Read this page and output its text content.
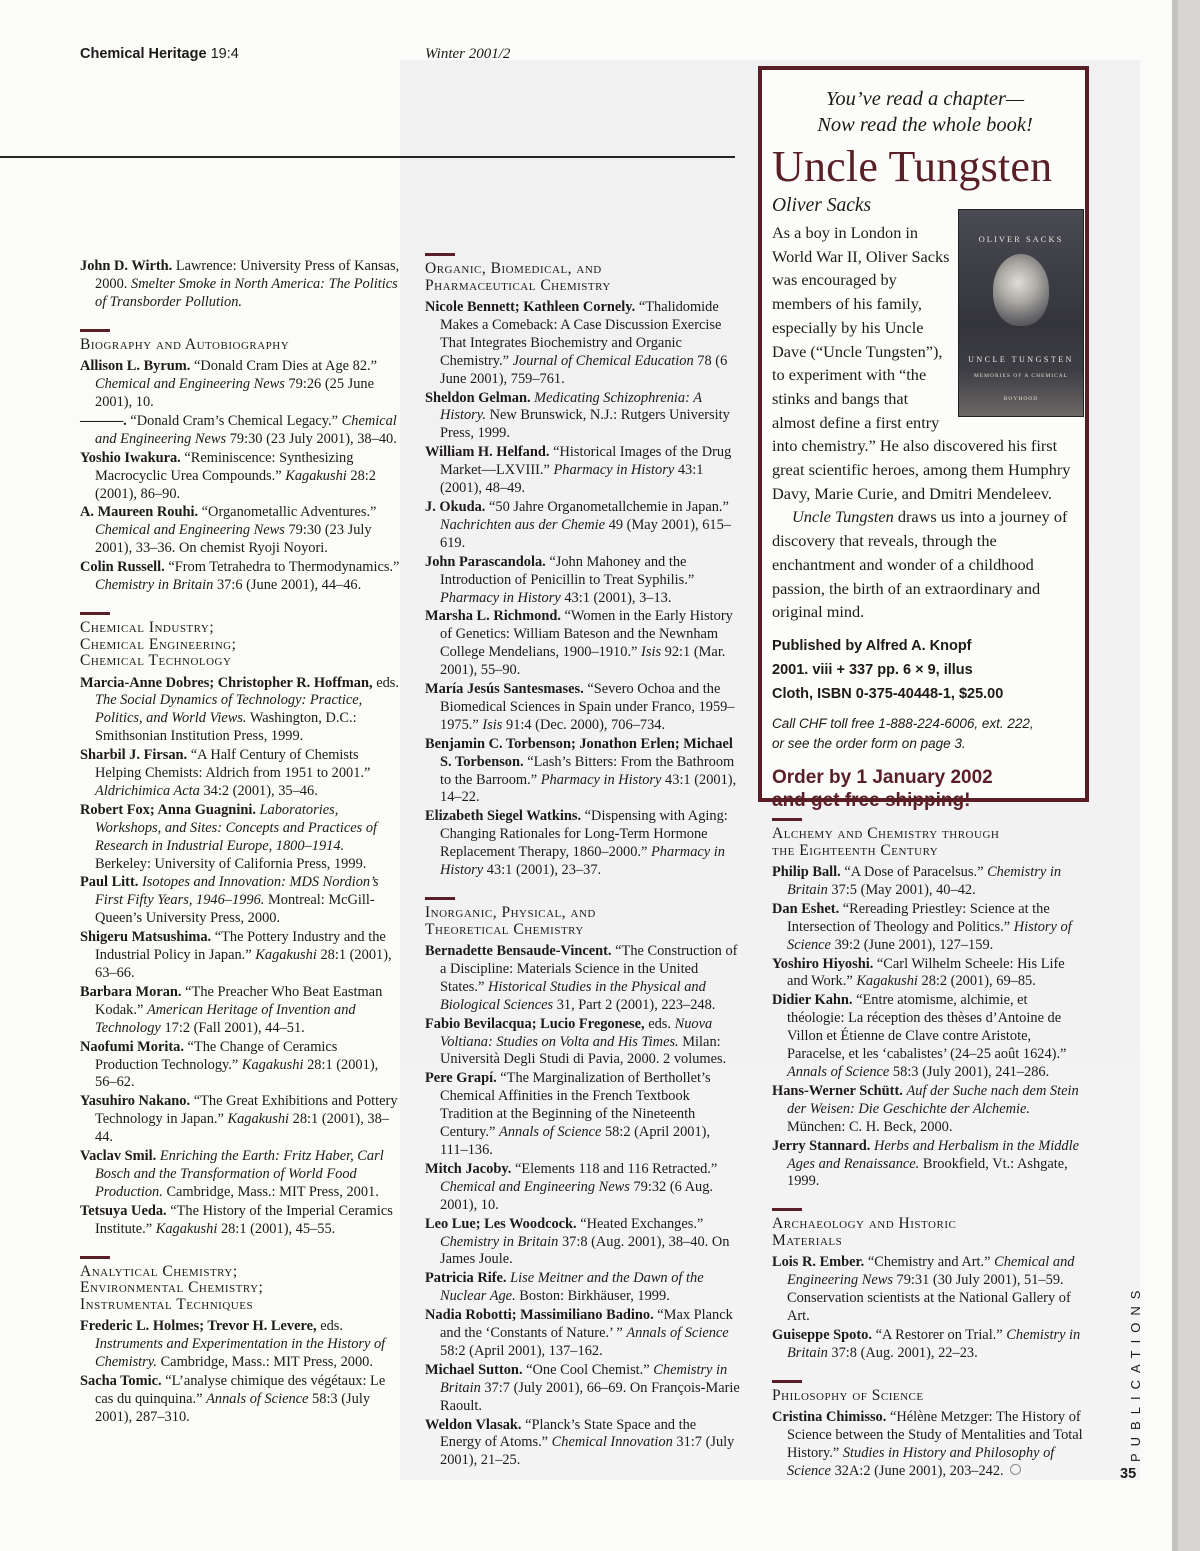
Chemical Heritage 19:4	Winter 2001/2
John D. Wirth. Lawrence: University Press of Kansas, 2000. Smelter Smoke in North America: The Politics of Transborder Pollution.
Biography and Autobiography
Allison L. Byrum. “Donald Cram Dies at Age 82.” Chemical and Engineering News 79:26 (25 June 2001), 10.
———. “Donald Cram’s Chemical Legacy.” Chemical and Engineering News 79:30 (23 July 2001), 38–40.
Yoshio Iwakura. “Reminiscence: Synthesizing Macrocyclic Urea Compounds.” Kagakushi 28:2 (2001), 86–90.
A. Maureen Rouhi. “Organometallic Adventures.” Chemical and Engineering News 79:30 (23 July 2001), 33–36. On chemist Ryoji Noyori.
Colin Russell. “From Tetrahedra to Thermodynamics.” Chemistry in Britain 37:6 (June 2001), 44–46.
Chemical Industry;
Chemical Engineering;
Chemical Technology
Marcia-Anne Dobres; Christopher R. Hoffman, eds. The Social Dynamics of Technology: Practice, Politics, and World Views. Washington, D.C.: Smithsonian Institution Press, 1999.
Sharbil J. Firsan. “A Half Century of Chemists Helping Chemists: Aldrich from 1951 to 2001.” Aldrichimica Acta 34:2 (2001), 35–46.
Robert Fox; Anna Guagnini. Laboratories, Workshops, and Sites: Concepts and Practices of Research in Industrial Europe, 1800–1914. Berkeley: University of California Press, 1999.
Paul Litt. Isotopes and Innovation: MDS Nordion’s First Fifty Years, 1946–1996. Montreal: McGill-Queen’s University Press, 2000.
Shigeru Matsushima. “The Pottery Industry and the Industrial Policy in Japan.” Kagakushi 28:1 (2001), 63–66.
Barbara Moran. “The Preacher Who Beat Eastman Kodak.” American Heritage of Invention and Technology 17:2 (Fall 2001), 44–51.
Naofumi Morita. “The Change of Ceramics Production Technology.” Kagakushi 28:1 (2001), 56–62.
Yasuhiro Nakano. “The Great Exhibitions and Pottery Technology in Japan.” Kagakushi 28:1 (2001), 38–44.
Vaclav Smil. Enriching the Earth: Fritz Haber, Carl Bosch and the Transformation of World Food Production. Cambridge, Mass.: MIT Press, 2001.
Tetsuya Ueda. “The History of the Imperial Ceramics Institute.” Kagakushi 28:1 (2001), 45–55.
Analytical Chemistry;
Environmental Chemistry;
Instrumental Techniques
Frederic L. Holmes; Trevor H. Levere, eds. Instruments and Experimentation in the History of Chemistry. Cambridge, Mass.: MIT Press, 2000.
Sacha Tomic. “L’analyse chimique des végétaux: Le cas du quinquina.” Annals of Science 58:3 (July 2001), 287–310.
Organic, Biomedical, and
Pharmaceutical Chemistry
Nicole Bennett; Kathleen Cornely. “Thalidomide Makes a Comeback: A Case Discussion Exercise That Integrates Biochemistry and Organic Chemistry.” Journal of Chemical Education 78 (6 June 2001), 759–761.
Sheldon Gelman. Medicating Schizophrenia: A History. New Brunswick, N.J.: Rutgers University Press, 1999.
William H. Helfand. “Historical Images of the Drug Market—LXVIII.” Pharmacy in History 43:1 (2001), 48–49.
J. Okuda. “50 Jahre Organometallchemie in Japan.” Nachrichten aus der Chemie 49 (May 2001), 615–619.
John Parascandola. “John Mahoney and the Introduction of Penicillin to Treat Syphilis.” Pharmacy in History 43:1 (2001), 3–13.
Marsha L. Richmond. “Women in the Early History of Genetics: William Bateson and the Newnham College Mendelians, 1900–1910.” Isis 92:1 (Mar. 2001), 55–90.
María Jesús Santesmases. “Severo Ochoa and the Biomedical Sciences in Spain under Franco, 1959–1975.” Isis 91:4 (Dec. 2000), 706–734.
Benjamin C. Torbenson; Jonathon Erlen; Michael S. Torbenson. “Lash’s Bitters: From the Bathroom to the Barroom.” Pharmacy in History 43:1 (2001), 14–22.
Elizabeth Siegel Watkins. “Dispensing with Aging: Changing Rationales for Long-Term Hormone Replacement Therapy, 1860–2000.” Pharmacy in History 43:1 (2001), 23–37.
Inorganic, Physical, and
Theoretical Chemistry
Bernadette Bensaude-Vincent. “The Construction of a Discipline: Materials Science in the United States.” Historical Studies in the Physical and Biological Sciences 31, Part 2 (2001), 223–248.
Fabio Bevilacqua; Lucio Fregonese, eds. Nuova Voltiana: Studies on Volta and His Times. Milan: Università Degli Studi di Pavia, 2000. 2 volumes.
Pere Grapí. “The Marginalization of Berthollet’s Chemical Affinities in the French Textbook Tradition at the Beginning of the Nineteenth Century.” Annals of Science 58:2 (April 2001), 111–136.
Mitch Jacoby. “Elements 118 and 116 Retracted.” Chemical and Engineering News 79:32 (6 Aug. 2001), 10.
Leo Lue; Les Woodcock. “Heated Exchanges.” Chemistry in Britain 37:8 (Aug. 2001), 38–40. On James Joule.
Patricia Rife. Lise Meitner and the Dawn of the Nuclear Age. Boston: Birkhäuser, 1999.
Nadia Robotti; Massimiliano Badino. “Max Planck and the ‘Constants of Nature.’ ” Annals of Science 58:2 (April 2001), 137–162.
Michael Sutton. “One Cool Chemist.” Chemistry in Britain 37:7 (July 2001), 66–69. On François-Marie Raoult.
Weldon Vlasak. “Planck’s State Space and the Energy of Atoms.” Chemical Innovation 31:7 (July 2001), 21–25.
Alchemy and Chemistry through
the Eighteenth Century
Philip Ball. “A Dose of Paracelsus.” Chemistry in Britain 37:5 (May 2001), 40–42.
Dan Eshet. “Rereading Priestley: Science at the Intersection of Theology and Politics.” History of Science 39:2 (June 2001), 127–159.
Yoshiro Hiyoshi. “Carl Wilhelm Scheele: His Life and Work.” Kagakushi 28:2 (2001), 69–85.
Didier Kahn. “Entre atomisme, alchimie, et théologie: La réception des thèses d’Antoine de Villon et Étienne de Clave contre Aristote, Paracelse, et les ‘cabalistes’ (24–25 août 1624).” Annals of Science 58:3 (July 2001), 241–286.
Hans-Werner Schütt. Auf der Suche nach dem Stein der Weisen: Die Geschichte der Alchemie. München: C. H. Beck, 2000.
Jerry Stannard. Herbs and Herbalism in the Middle Ages and Renaissance. Brookfield, Vt.: Ashgate, 1999.
Archaeology and Historic
Materials
Lois R. Ember. “Chemistry and Art.” Chemical and Engineering News 79:31 (30 July 2001), 51–59. Conservation scientists at the National Gallery of Art.
Guiseppe Spoto. “A Restorer on Trial.” Chemistry in Britain 37:8 (Aug. 2001), 22–23.
Philosophy of Science
Cristina Chimisso. “Hélène Metzger: The History of Science between the Study of Mentalities and Total History.” Studies in History and Philosophy of Science 32A:2 (June 2001), 203–242.
You’ve read a chapter—
Now read the whole book!
Uncle Tungsten
Oliver Sacks
OLIVER SACKS
UNCLE TUNGSTEN
MEMORIES OF A CHEMICAL BOYHOOD

As a boy in London in World War II, Oliver Sacks was encouraged by members of his family, especially by his Uncle Dave (“Uncle Tungsten”), to experiment with “the stinks and bangs that almost define a first entry into chemistry.” He also discovered his first great scientific heroes, among them Humphry Davy, Marie Curie, and Dmitri Mendeleev.

Uncle Tungsten draws us into a journey of discovery that reveals, through the enchantment and wonder of a childhood passion, the birth of an extraordinary and original mind.

Published by Alfred A. Knopf
2001. viii + 337 pp. 6 × 9, illus
Cloth, ISBN 0-375-40448-1, $25.00
Call CHF toll free 1-888-224-6006, ext. 222,
or see the order form on page 3.
Order by 1 January 2002
and get free shipping!
PUBLICATIONS
35
